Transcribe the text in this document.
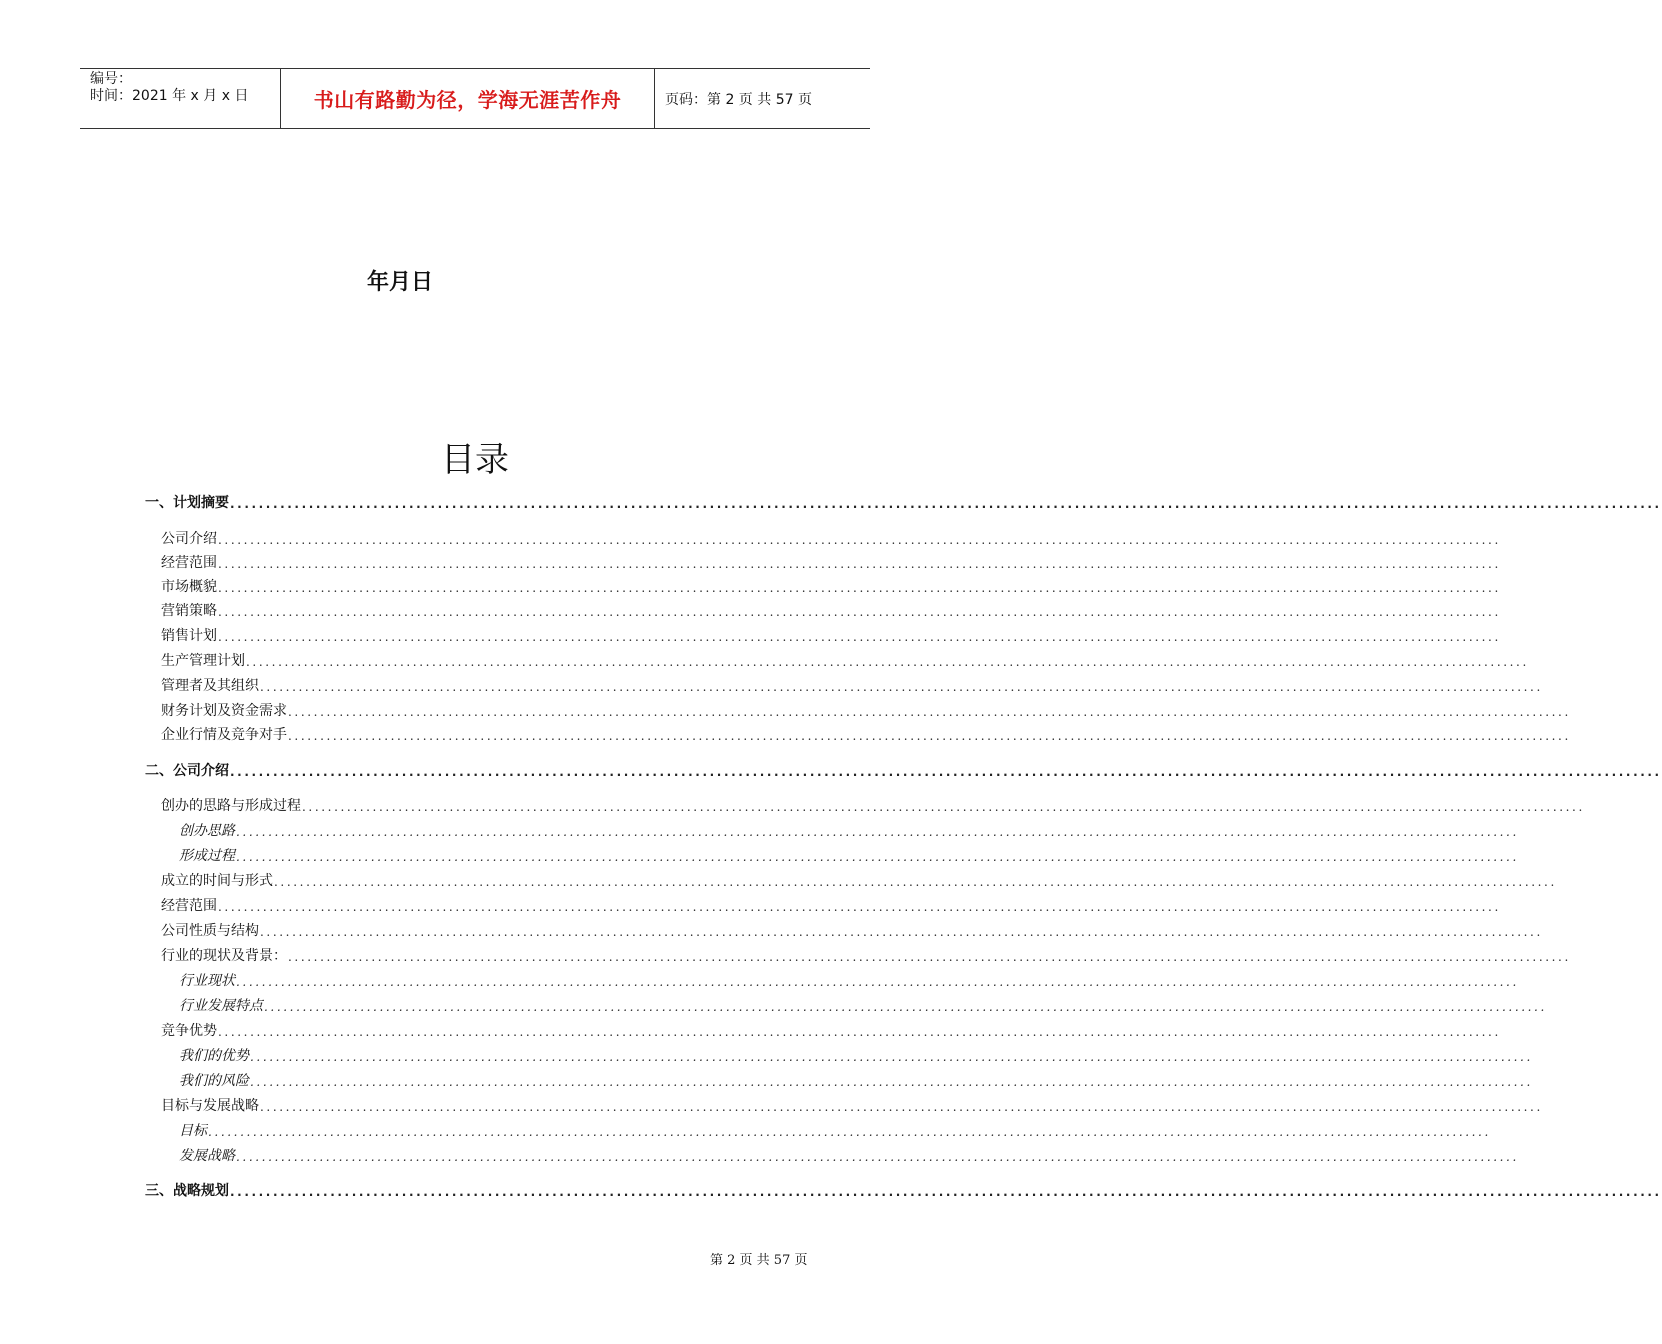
编号：
时间：2021 年 x 月 x 日	书山有路勤为径，学海无涯苦作舟	页码：第 2 页 共 57 页
年月日
目录
一、计划摘要 ........................................................................................................................................................................................................
公司介绍 ........................................................................................................................................................................................................
经营范围 ........................................................................................................................................................................................................
市场概貌 ........................................................................................................................................................................................................
营销策略 ........................................................................................................................................................................................................
销售计划 ........................................................................................................................................................................................................
生产管理计划 ........................................................................................................................................................................................................
管理者及其组织 ........................................................................................................................................................................................................
财务计划及资金需求 ........................................................................................................................................................................................................
企业行情及竞争对手 ........................................................................................................................................................................................................
二、公司介绍 ........................................................................................................................................................................................................
创办的思路与形成过程 ........................................................................................................................................................................................................
创办思路 ........................................................................................................................................................................................................
形成过程 ........................................................................................................................................................................................................
成立的时间与形式 ........................................................................................................................................................................................................
经营范围 ........................................................................................................................................................................................................
公司性质与结构 ........................................................................................................................................................................................................
行业的现状及背景： ........................................................................................................................................................................................................
行业现状 ........................................................................................................................................................................................................
行业发展特点 ........................................................................................................................................................................................................
竞争优势 ........................................................................................................................................................................................................
我们的优势 ........................................................................................................................................................................................................
我们的风险 ........................................................................................................................................................................................................
目标与发展战略 ........................................................................................................................................................................................................
目标 ........................................................................................................................................................................................................
发展战略 ........................................................................................................................................................................................................
三、战略规划 ........................................................................................................................................................................................................
第 2 页 共 57 页
